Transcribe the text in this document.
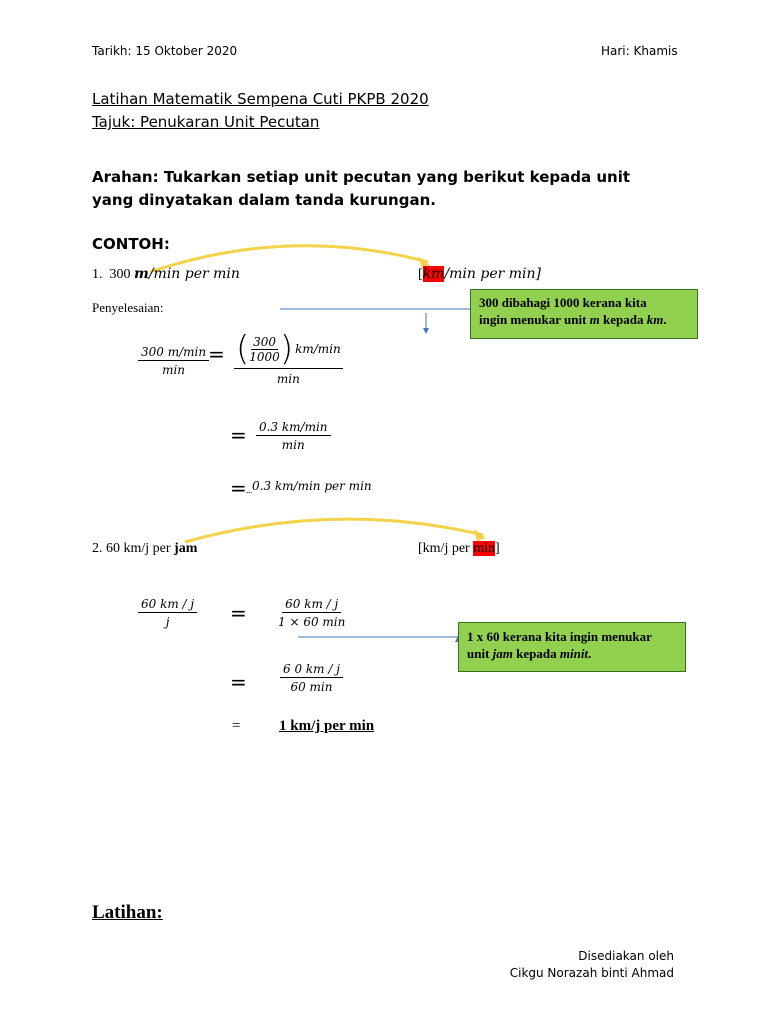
Tarikh: 15 Oktober 2020	Hari: Khamis
Latihan Matematik Sempena Cuti PKPB 2020
Tajuk: Penukaran Unit Pecutan
Arahan: Tukarkan setiap unit pecutan yang berikut kepada unit yang dinyatakan dalam tanda kurungan.
CONTOH:
1. 300 m/min per min	[km/min per min]
Penyelesaian:	300 dibahagi 1000 kerana kita
ingin menukar unit m kepada km.
300 m/min
min
= ( $\frac{300}{1000}$ ) km/min
min
= 0.3 km/min
min
= _0.3 km/min per min
2. 60 km/j per jam	[km/j per min]
$\frac{60 km / j}{j}$ =	60 km / j
1 × 60 min
1 x 60 kerana kita ingin menukar
unit jam kepada minit.
=
6 0 km / j
60 min
=	1 km/j per min
Latihan:
Disediakan oleh
Cikgu Norazah binti Ahmad
